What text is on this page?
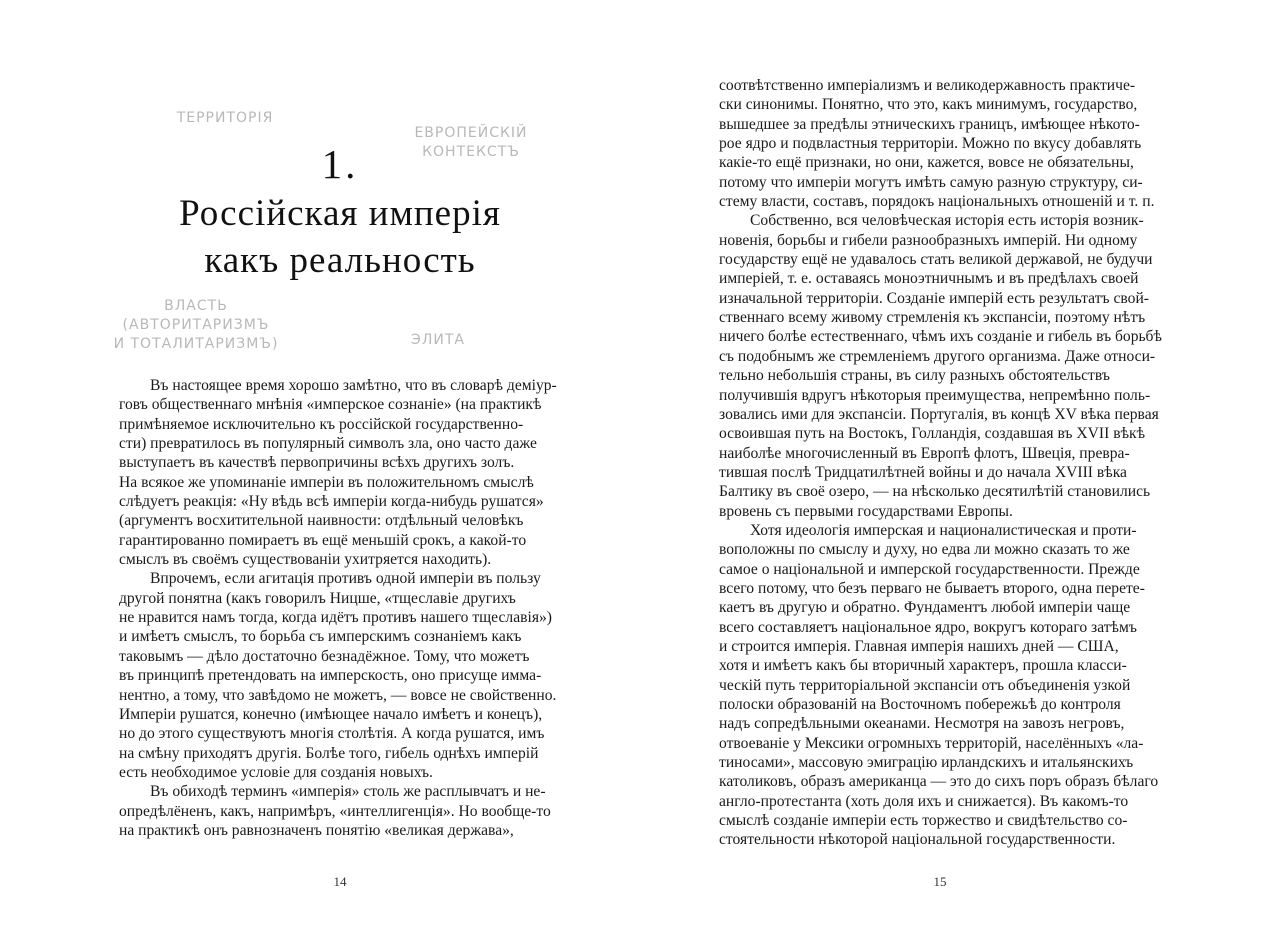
ТЕРРИТОРІЯ
ЕВРОПЕЙСКІЙ
КОНТЕКСТЪ
ВЛАСТЬ
(АВТОРИТАРИЗМЪ
И ТОТАЛИТАРИЗМЪ)	ЭЛИТА
1.
Россійская имперія
какъ реальность
Въ настоящее время хорошо замѣтно, что въ словарѣ деміур-
говъ общественнаго мнѣнія «имперское сознаніе» (на практикѣ
примѣняемое исключительно къ россійской государственно-
сти) превратилось въ популярный символъ зла, оно часто даже
выступаетъ въ качествѣ первопричины всѣхъ другихъ золъ.
На всякое же упоминаніе имперіи въ положительномъ смыслѣ
слѣдуетъ реакція: «Ну вѣдь всѣ имперіи когда-нибудь рушатся»
(аргументъ восхитительной наивности: отдѣльный человѣкъ
гарантированно помираетъ въ ещё меньшій срокъ, а какой-то
смыслъ въ своёмъ существованіи ухитряется находить).
Впрочемъ, если агитація противъ одной имперіи въ пользу
другой понятна (какъ говорилъ Ницше, «тщеславіе другихъ
не нравится намъ тогда, когда идётъ противъ нашего тщеславія»)
и имѣетъ смыслъ, то борьба съ имперскимъ сознаніемъ какъ
таковымъ — дѣло достаточно безнадёжное. Тому, что можетъ
въ принципѣ претендовать на имперскость, оно присуще имма-
нентно, а тому, что завѣдомо не можетъ, — вовсе не свойственно.
Имперіи рушатся, конечно (имѣющее начало имѣетъ и конецъ),
но до этого существуютъ многія столѣтія. А когда рушатся, имъ
на смѣну приходятъ другія. Болѣе того, гибель однѣхъ имперій
есть необходимое условіе для созданія новыхъ.
Въ обиходѣ терминъ «имперія» столь же расплывчатъ и не-
опредѣлёненъ, какъ, напримѣръ, «интеллигенція». Но вообще-то
на практикѣ онъ равнозначенъ понятію «великая держава»,
14
соотвѣтственно имперіализмъ и великодержавность практиче-
ски синонимы. Понятно, что это, какъ минимумъ, государство,
вышедшее за предѣлы этническихъ границъ, имѣющее нѣкото-
рое ядро и подвластныя территоріи. Можно по вкусу добавлять
какіе-то ещё признаки, но они, кажется, вовсе не обязательны,
потому что имперіи могутъ имѣть самую разную структуру, си-
стему власти, составъ, порядокъ національныхъ отношеній и т. п.
Собственно, вся человѣческая исторія есть исторія возник-
новенія, борьбы и гибели разнообразныхъ имперій. Ни одному
государству ещё не удавалось стать великой державой, не будучи
имперіей, т. е. оставаясь моноэтничнымъ и въ предѣлахъ своей
изначальной территоріи. Созданіе имперій есть результатъ свой-
ственнаго всему живому стремленія къ экспансіи, поэтому нѣтъ
ничего болѣе естественнаго, чѣмъ ихъ созданіе и гибель въ борьбѣ
съ подобнымъ же стремленіемъ другого организма. Даже относи-
тельно небольшія страны, въ силу разныхъ обстоятельствъ
получившія вдругъ нѣкоторыя преимущества, непремѣнно поль-
зовались ими для экспансіи. Португалія, въ концѣ XV вѣка первая
освоившая путь на Востокъ, Голландія, создавшая въ XVII вѣкѣ
наиболѣе многочисленный въ Европѣ флотъ, Швеція, превра-
тившая послѣ Тридцатилѣтней войны и до начала XVIII вѣка
Балтику въ своё озеро, — на нѣсколько десятилѣтій становились
вровень съ первыми государствами Европы.
Хотя идеологія имперская и националистическая и проти-
воположны по смыслу и духу, но едва ли можно сказать то же
самое о національной и имперской государственности. Прежде
всего потому, что безъ перваго не бываетъ второго, одна перете-
каетъ въ другую и обратно. Фундаментъ любой имперіи чаще
всего составляетъ національное ядро, вокругъ котораго затѣмъ
и строится имперія. Главная имперія нашихъ дней — США,
хотя и имѣетъ какъ бы вторичный характеръ, прошла класси-
ческій путь территоріальной экспансіи отъ объединенія узкой
полоски образованій на Восточномъ побережьѣ до контроля
надъ сопредѣльными океанами. Несмотря на завозъ негровъ,
отвоеваніе у Мексики огромныхъ территорій, населённыхъ «ла-
тиносами», массовую эмиграцію ирландскихъ и итальянскихъ
католиковъ, образъ американца — это до сихъ поръ образъ бѣлаго
англо-протестанта (хоть доля ихъ и снижается). Въ какомъ-то
смыслѣ созданіе имперіи есть торжество и свидѣтельство со-
стоятельности нѣкоторой національной государственности.
15
